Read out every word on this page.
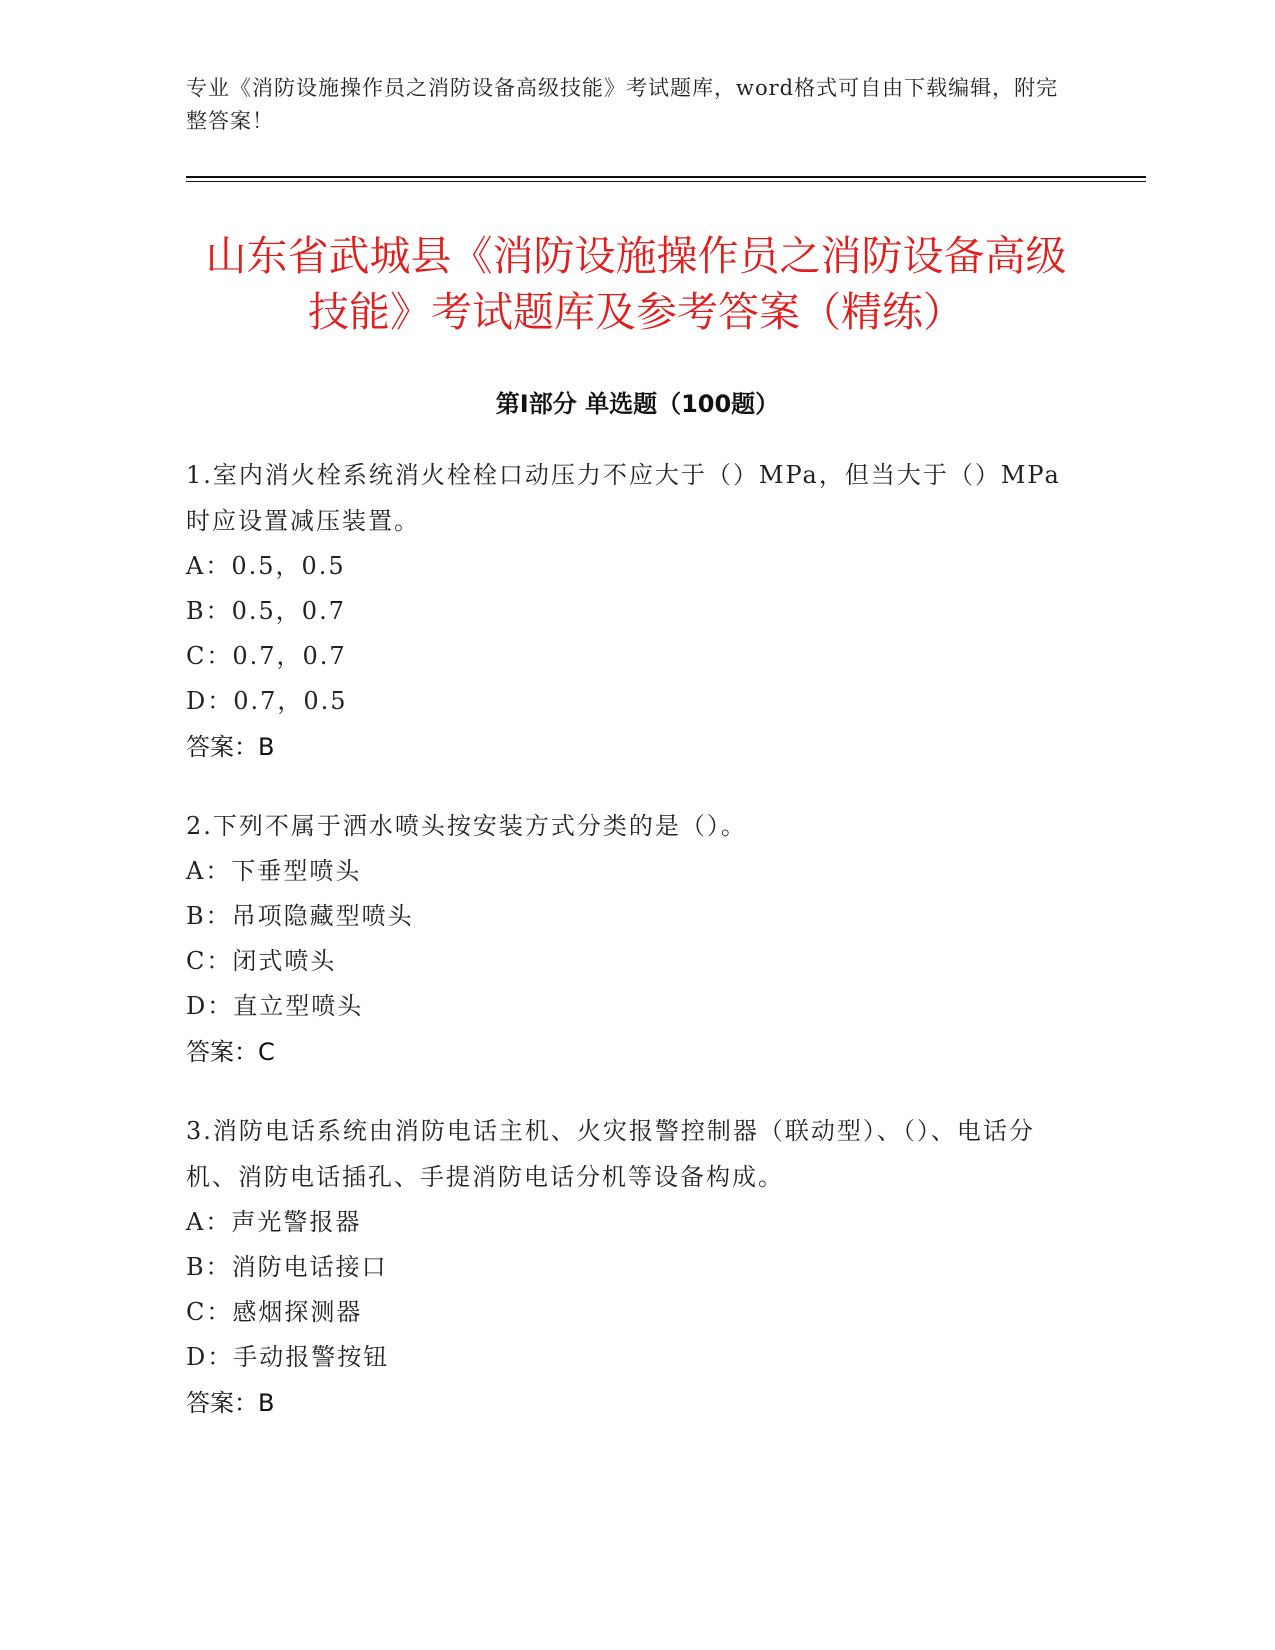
专业《消防设施操作员之消防设备高级技能》考试题库，word格式可自由下载编辑，附完整答案！
山东省武城县《消防设施操作员之消防设备高级技能》考试题库及参考答案（精练）
第I部分 单选题（100题）
1.室内消火栓系统消火栓栓口动压力不应大于（）MPa，但当大于（）MPa时应设置减压装置。
A：0.5，0.5
B：0.5，0.7
C：0.7，0.7
D：0.7，0.5
答案：B
2.下列不属于洒水喷头按安装方式分类的是（）。
A：下垂型喷头
B：吊项隐藏型喷头
C：闭式喷头
D：直立型喷头
答案：C
3.消防电话系统由消防电话主机、火灾报警控制器（联动型）、（）、电话分机、消防电话插孔、手提消防电话分机等设备构成。
A：声光警报器
B：消防电话接口
C：感烟探测器
D：手动报警按钮
答案：B
